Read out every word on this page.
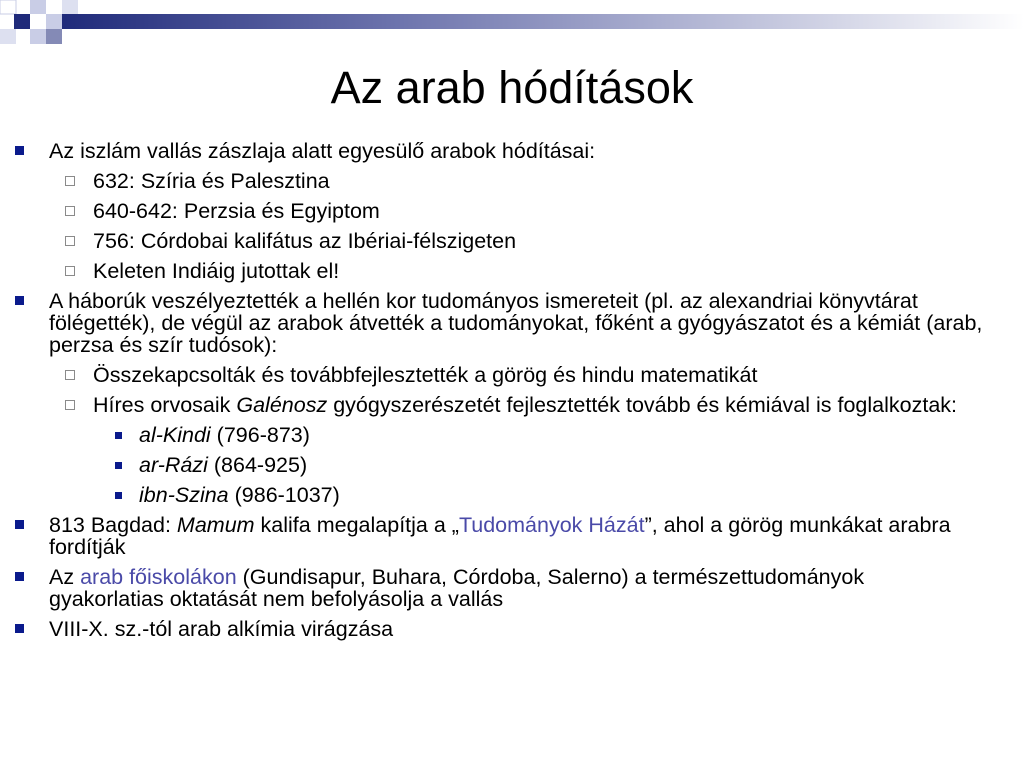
Az arab hódítások
Az iszlám vallás zászlaja alatt egyesülő arabok hódításai:
632: Szíria és Palesztina
640-642: Perzsia és Egyiptom
756: Córdobai kalifátus az Ibériai-félszigeten
Keleten Indiáig jutottak el!
A háborúk veszélyeztették a hellén kor tudományos ismereteit (pl. az alexandriai könyvtárat fölégették), de végül az arabok átvették a tudományokat, főként a gyógyászatot és a kémiát (arab, perzsa és szír tudósok):
Összekapcsolták és továbbfejlesztették a görög és hindu matematikát
Híres orvosaik Galénosz gyógyszerészetét fejlesztették tovább és kémiával is foglalkoztak:
al-Kindi (796-873)
ar-Rázi (864-925)
ibn-Szina (986-1037)
813 Bagdad: Mamum kalifa megalapítja a „Tudományok Házát”, ahol a görög munkákat arabra fordítják
Az arab főiskolákon (Gundisapur, Buhara, Córdoba, Salerno) a természettudományok gyakorlatias oktatását nem befolyásolja a vallás
VIII-X. sz.-tól arab alkímia virágzása
